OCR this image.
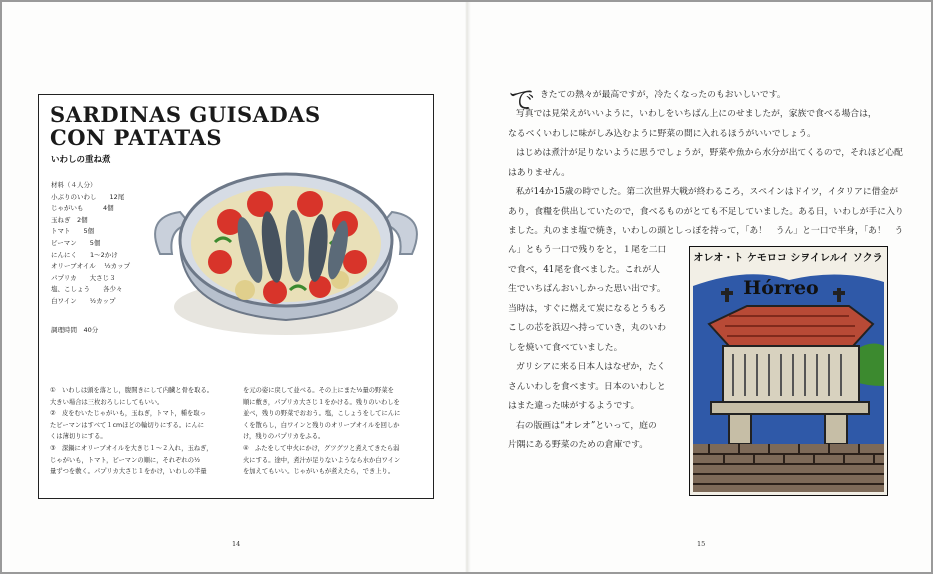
SARDINAS GUISADAS
CON PATATAS
いわしの重ね煮
材料（４人分）
小ぶりのいわし　　12尾
じゃがいも　　　4個
玉ねぎ　2個
トマト　　5個
ピーマン　　5個
にんにく　　1〜2かけ
オリーブオイル　 ½カップ
パプリカ　　大さじ３
塩、こしょう　　各少々
白ワイン　　½カップ
調理時間　40分
①　いわしは頭を落とし，腹開きにして内臓と骨を取る。
大きい場合は三枚おろしにしてもいい。
②　皮をむいたじゃがいも，玉ねぎ，トマト，種を取っ
たピーマンはすべて１cmほどの輪切りにする。にんに
くは薄切りにする。
③　深鍋にオリーブオイルを大きじ１〜２入れ，玉ねぎ，
じゃがいも，トマト，ピーマンの順に，それぞれの½
量ずつを敷く。パプリカ大さじ１をかけ，いわしの半量
を元の姿に戻して並べる。その上にまた½量の野菜を
順に敷き，パプリカ大さじ１をかける。残りのいわしを
並べ，残りの野菜でおおう。塩，こしょうをしてにんに
くを散らし，白ワインと残りのオリーブオイルを回しか
け，残りのパプリカをふる。
④　ふたをして中火にかけ，グツグツと煮えてきたら弱
火にする。途中，煮汁が足りないようなら水か白ワイン
を加えてもいい。じゃがいもが煮えたら，でき上り。
14
で きたての熱々が最高ですが，冷たくなったのもおいしいです。
写真では見栄えがいいように，いわしをいちばん上にのせましたが，家族で食べる場合は，
なるべくいわしに味がしみ込むように野菜の間に入れるほうがいいでしょう。
はじめは煮汁が足りないように思うでしょうが，野菜や魚から水分が出てくるので，それほど心配
はありません。
私が14か15歳の時でした。第二次世界大戦が終わるころ，スペインはドイツ，イタリアに借金が
あり，食糧を供出していたので，食べるものがとても不足していました。ある日，いわしが手に入り
ました。丸のまま塩で焼き，いわしの頭としっぽを持って，「あ！　うん」と一口で半身，「あ！　う
ん」ともう一口で残りをと，１尾を二口
で食べ，41尾を食べました。これが人
生でいちばんおいしかった思い出です。
当時は，すぐに燃えて炭になるとうもろ
こしの芯を浜辺へ持っていき，丸のいわ
しを焼いて食べていました。
ガリシアに来る日本人はなぜか，たく
さんいわしを食べます。日本のいわしと
はまた違った味がするようです。
右の版画は“オレオ”といって，庭の
片隅にある野菜のための倉庫です。
オレオ・ト ケモロコ シヲイレルイ ソクラ
Hórreo
15
